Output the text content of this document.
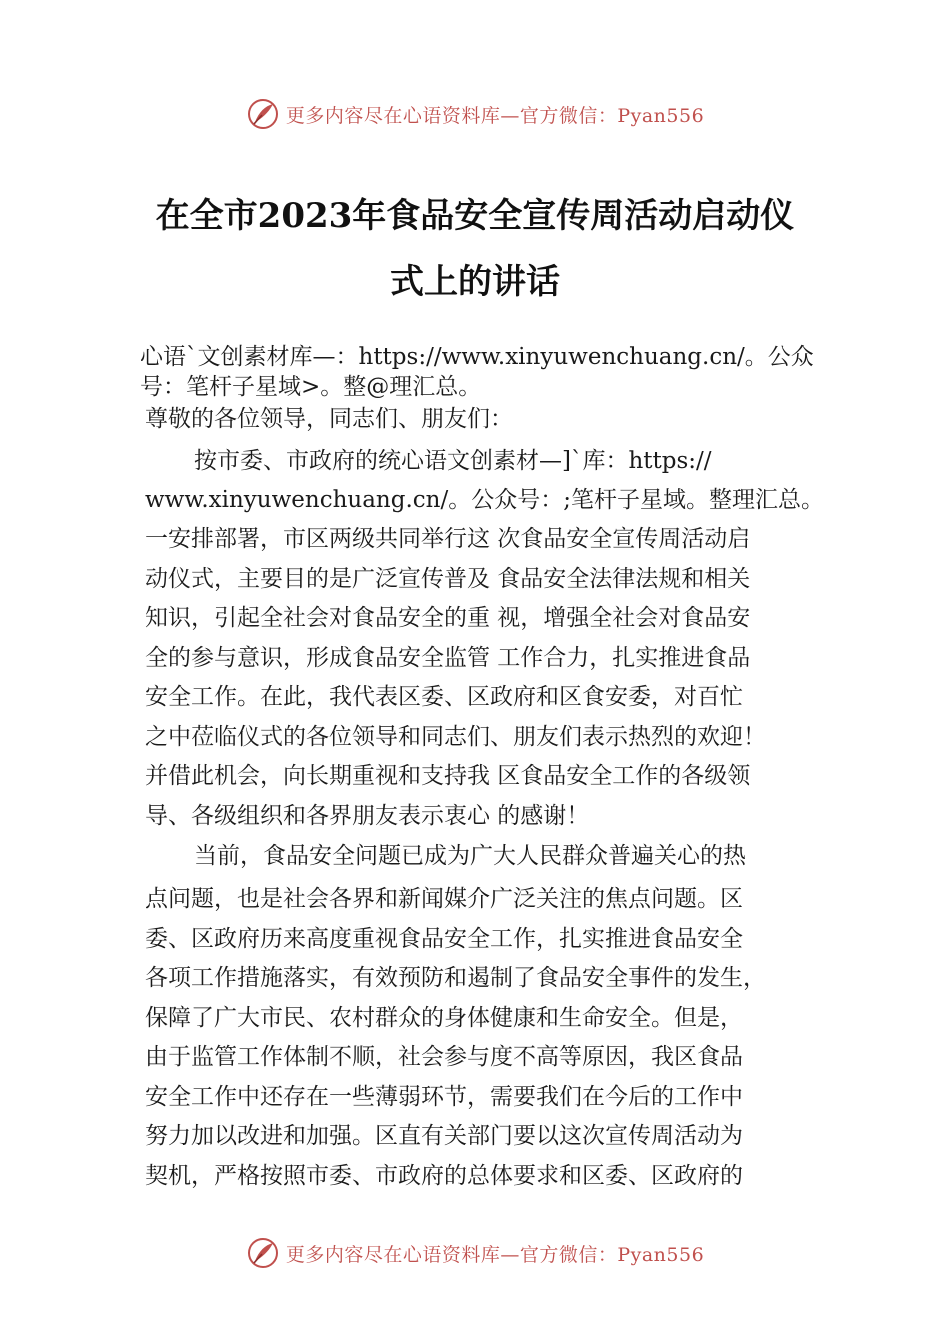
更多内容尽在心语资料库—官方微信：Pyan556
在全市2023年食品安全宣传周活动启动仪
式上的讲话
心语`文创素材库—：https://www.xinyuwenchuang.cn/。公众
号：笔杆子星域>。整@理汇总。
尊敬的各位领导，同志们、朋友们：
按市委、市政府的统心语文创素材—]`库：https://
www.xinyuwenchuang.cn/。公众号：;笔杆子星域。整理汇总。
一安排部署，市区两级共同举行这 次食品安全宣传周活动启
动仪式，主要目的是广泛宣传普及 食品安全法律法规和相关
知识，引起全社会对食品安全的重 视，增强全社会对食品安
全的参与意识，形成食品安全监管 工作合力，扎实推进食品
安全工作。在此，我代表区委、区政府和区食安委，对百忙
之中莅临仪式的各位领导和同志们、朋友们表示热烈的欢迎！
并借此机会，向长期重视和支持我 区食品安全工作的各级领
导、各级组织和各界朋友表示衷心 的感谢！
当前，食品安全问题已成为广大人民群众普遍关心的热
点问题，也是社会各界和新闻媒介广泛关注的焦点问题。区
委、区政府历来高度重视食品安全工作，扎实推进食品安全
各项工作措施落实，有效预防和遏制了食品安全事件的发生，
保障了广大市民、农村群众的身体健康和生命安全。但是，
由于监管工作体制不顺，社会参与度不高等原因，我区食品
安全工作中还存在一些薄弱环节，需要我们在今后的工作中
努力加以改进和加强。区直有关部门要以这次宣传周活动为
契机，严格按照市委、市政府的总体要求和区委、区政府的
更多内容尽在心语资料库—官方微信：Pyan556
